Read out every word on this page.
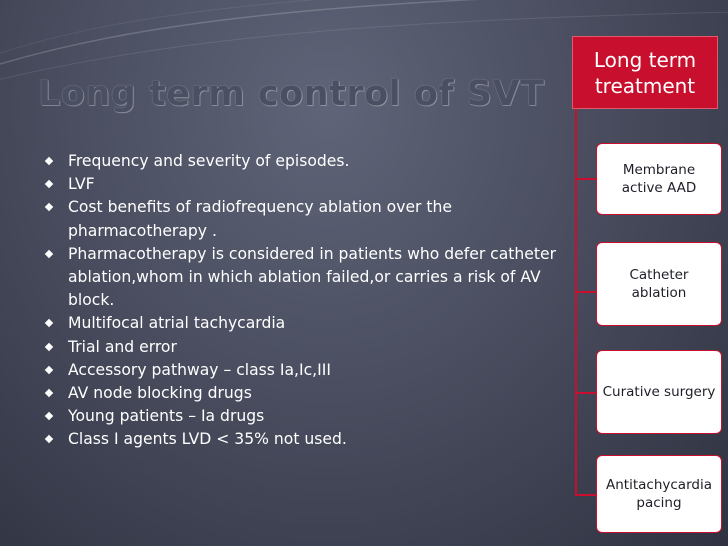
Long term control of SVT
Frequency and severity of episodes.
LVF
Cost benefits of radiofrequency ablation over the pharmacotherapy .
Pharmacotherapy is considered in patients who defer catheter ablation,whom in which ablation failed,or carries a risk of AV block.
Multifocal atrial tachycardia
Trial and error
Accessory pathway – class Ia,Ic,III
AV node blocking drugs
Young patients – Ia drugs
Class I agents LVD < 35% not used.
Long term
treatment
Membrane
active AAD
Catheter
ablation
Curative surgery
Antitachycardia
pacing
